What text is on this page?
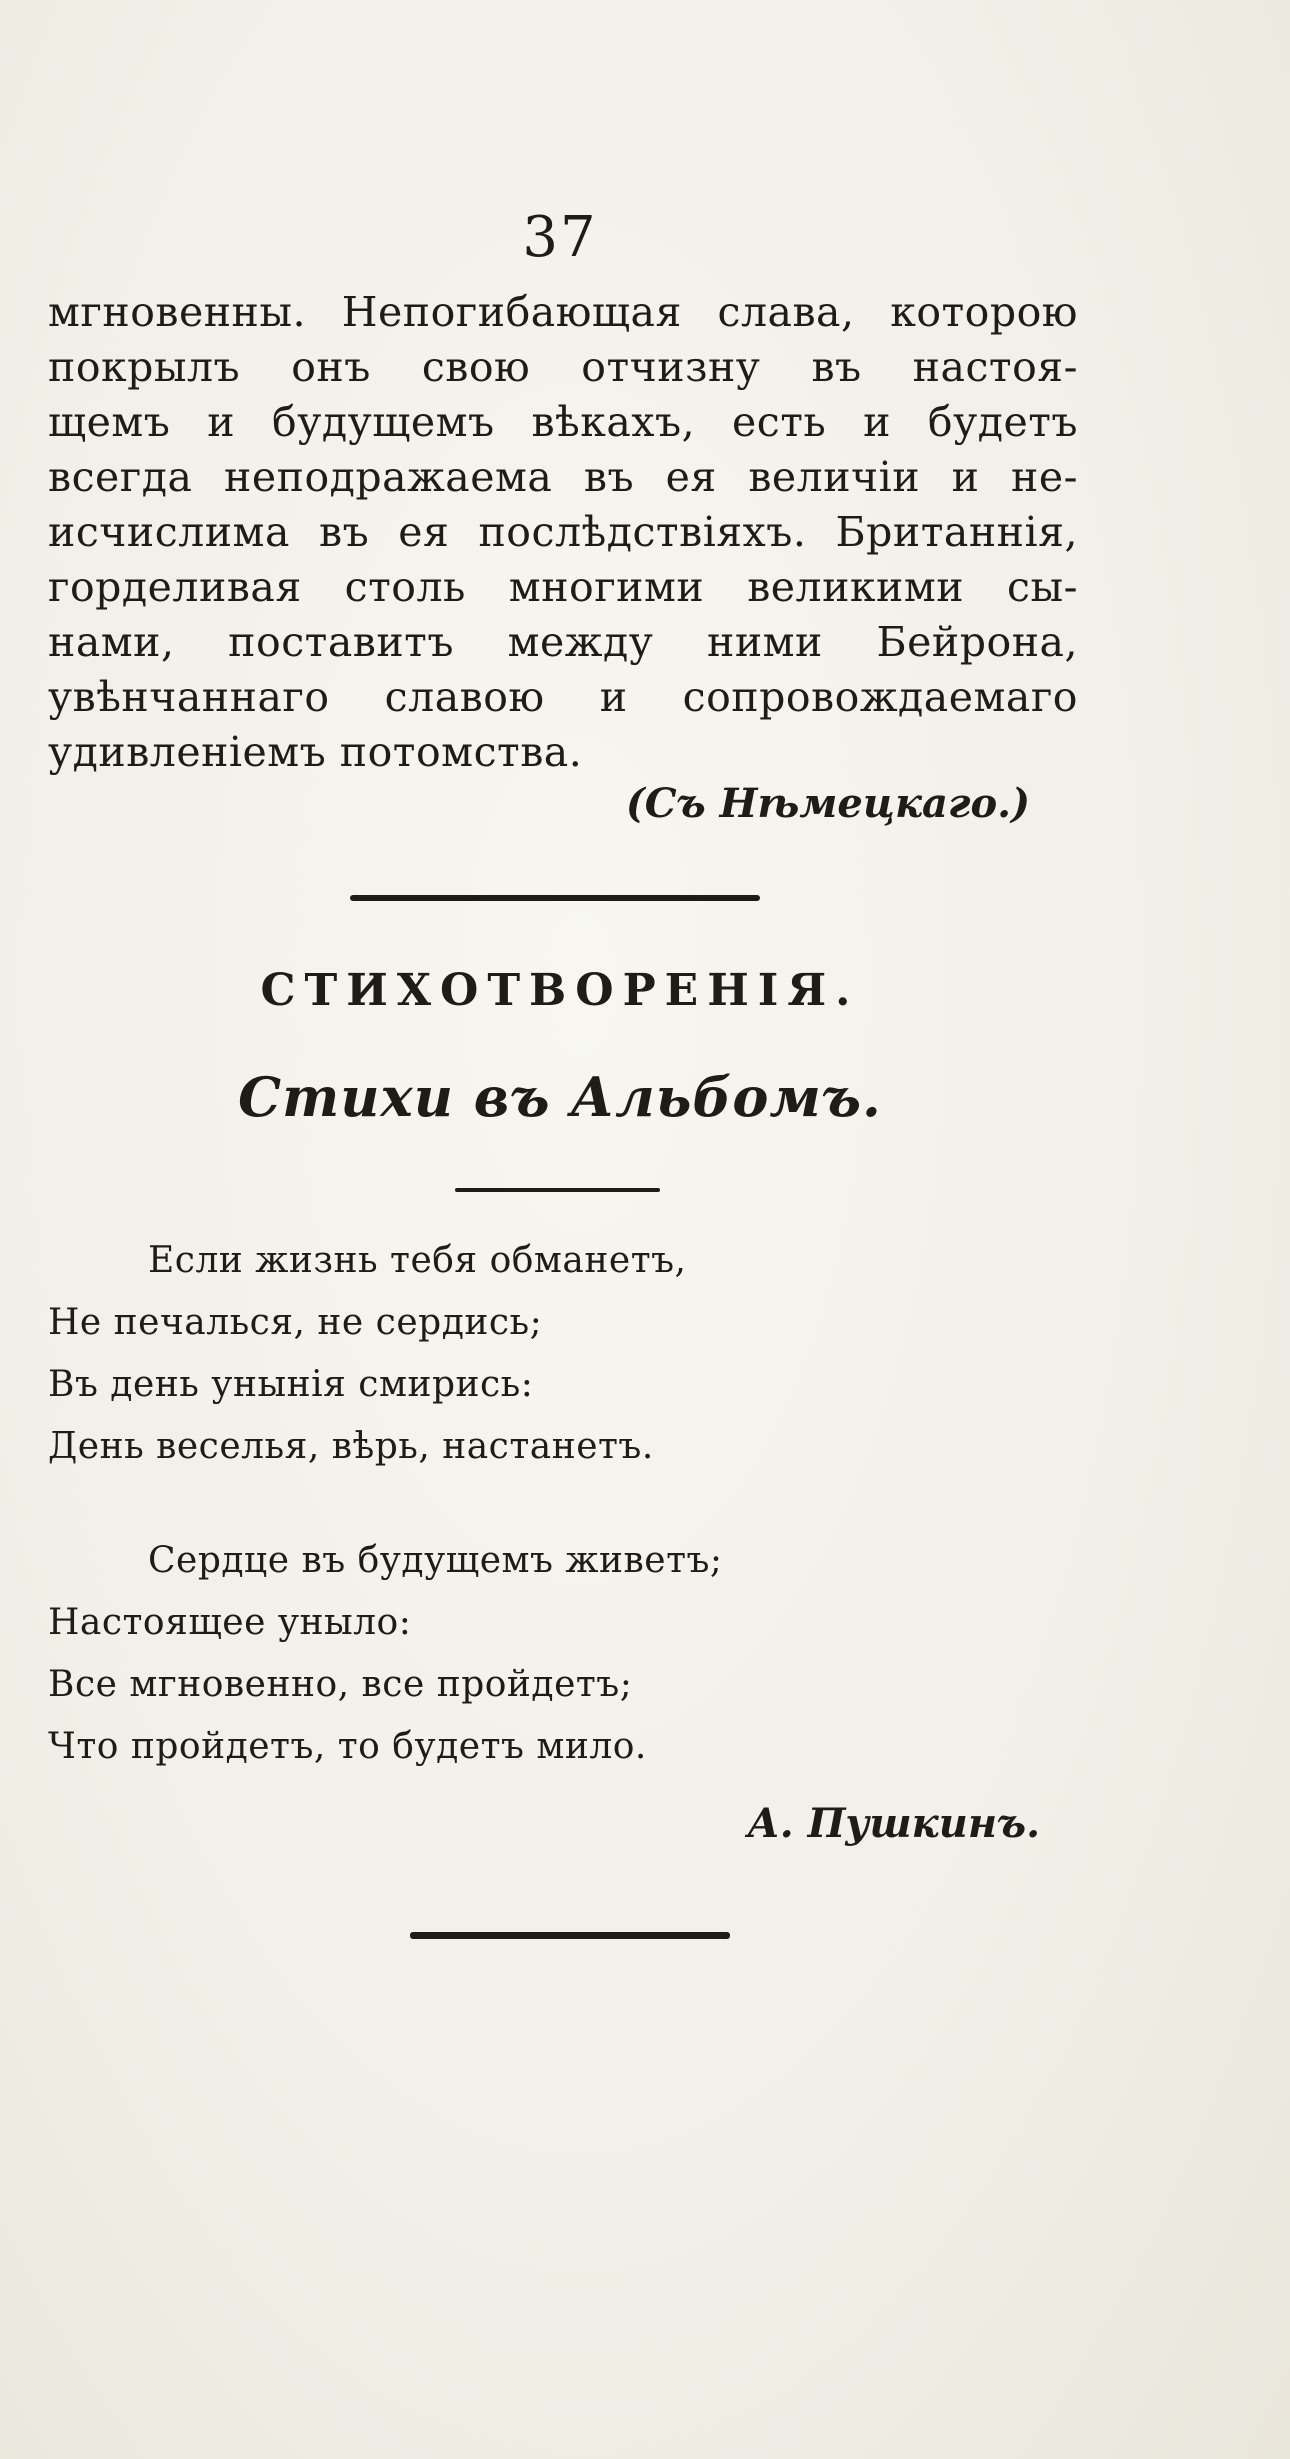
37
мгновенны. Непогибающая слава, которою
покрылъ онъ свою отчизну въ настоя-
щемъ и будущемъ вѣкахъ, есть и будетъ
всегда неподражаема въ ея величіи и не-
исчислима въ ея послѣдствіяхъ. Британнія,
горделивая столь многими великими сы-
нами, поставитъ между ними Бейрона,
увѣнчаннаго славою и сопровождаемаго
удивленіемъ потомства.
(Съ Нѣмецкаго.)
СТИХОТВОРЕНІЯ.
Стихи въ Альбомъ.
Если жизнь тебя обманетъ,
Не печалься, не сердись;
Въ день унынія смирись:
День веселья, вѣрь, настанетъ.
Сердце въ будущемъ живетъ;
Настоящее уныло:
Все мгновенно, все пройдетъ;
Что пройдетъ, то будетъ мило.
А. Пушкинъ.
